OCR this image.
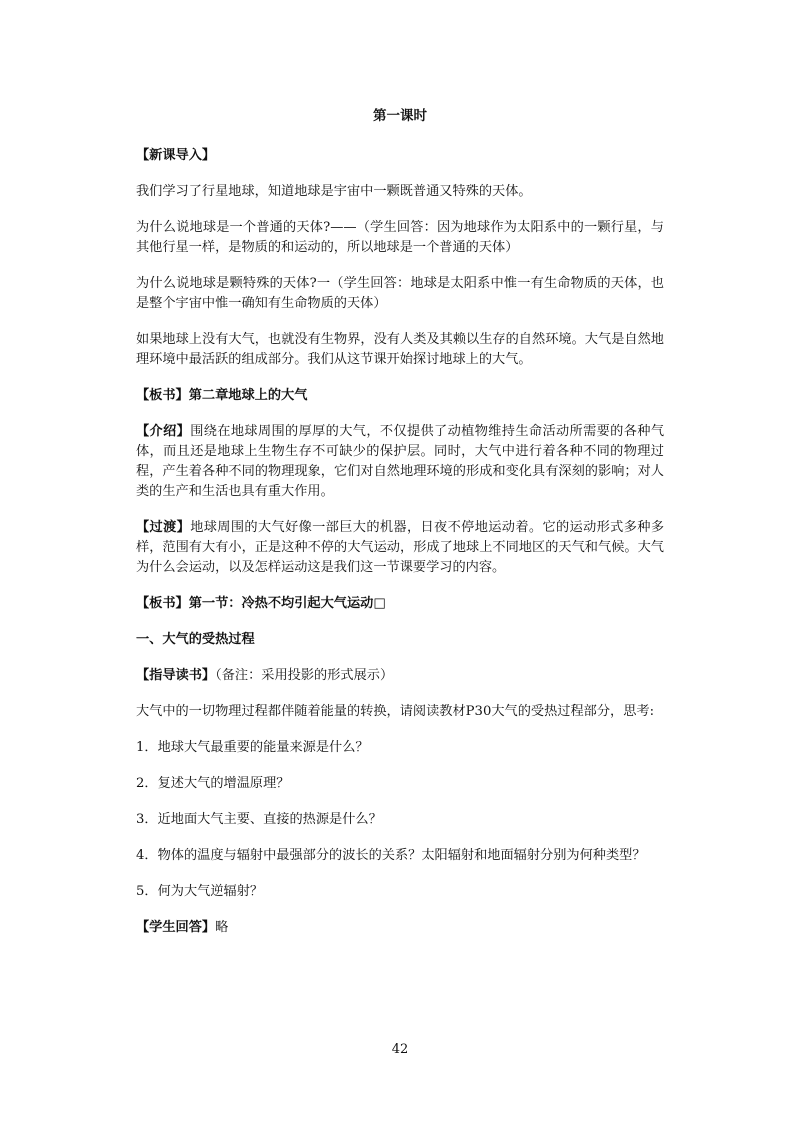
第一课时
【新课导入】
我们学习了行星地球，知道地球是宇宙中一颗既普通又特殊的天体。
为什么说地球是一个普通的天体?——（学生回答：因为地球作为太阳系中的一颗行星，与其他行星一样，是物质的和运动的，所以地球是一个普通的天体）
为什么说地球是颗特殊的天体?一（学生回答：地球是太阳系中惟一有生命物质的天体，也是整个宇宙中惟一确知有生命物质的天体）
如果地球上没有大气，也就没有生物界，没有人类及其赖以生存的自然环境。大气是自然地理环境中最活跃的组成部分。我们从这节课开始探讨地球上的大气。
【板书】第二章地球上的大气
【介绍】围绕在地球周围的厚厚的大气，不仅提供了动植物维持生命活动所需要的各种气体，而且还是地球上生物生存不可缺少的保护层。同时，大气中进行着各种不同的物理过程，产生着各种不同的物理现象，它们对自然地理环境的形成和变化具有深刻的影响；对人类的生产和生活也具有重大作用。
【过渡】地球周围的大气好像一部巨大的机器，日夜不停地运动着。它的运动形式多种多样，范围有大有小，正是这种不停的大气运动，形成了地球上不同地区的天气和气候。大气为什么会运动，以及怎样运动这是我们这一节课要学习的内容。
【板书】第一节：冷热不均引起大气运动□
一、大气的受热过程
【指导读书】（备注：采用投影的形式展示）
大气中的一切物理过程都伴随着能量的转换，请阅读教材P30大气的受热过程部分，思考:
1．地球大气最重要的能量来源是什么？
2．复述大气的增温原理？
3．近地面大气主要、直接的热源是什么？
4．物体的温度与辐射中最强部分的波长的关系？太阳辐射和地面辐射分别为何种类型？
5．何为大气逆辐射？
【学生回答】略
42
